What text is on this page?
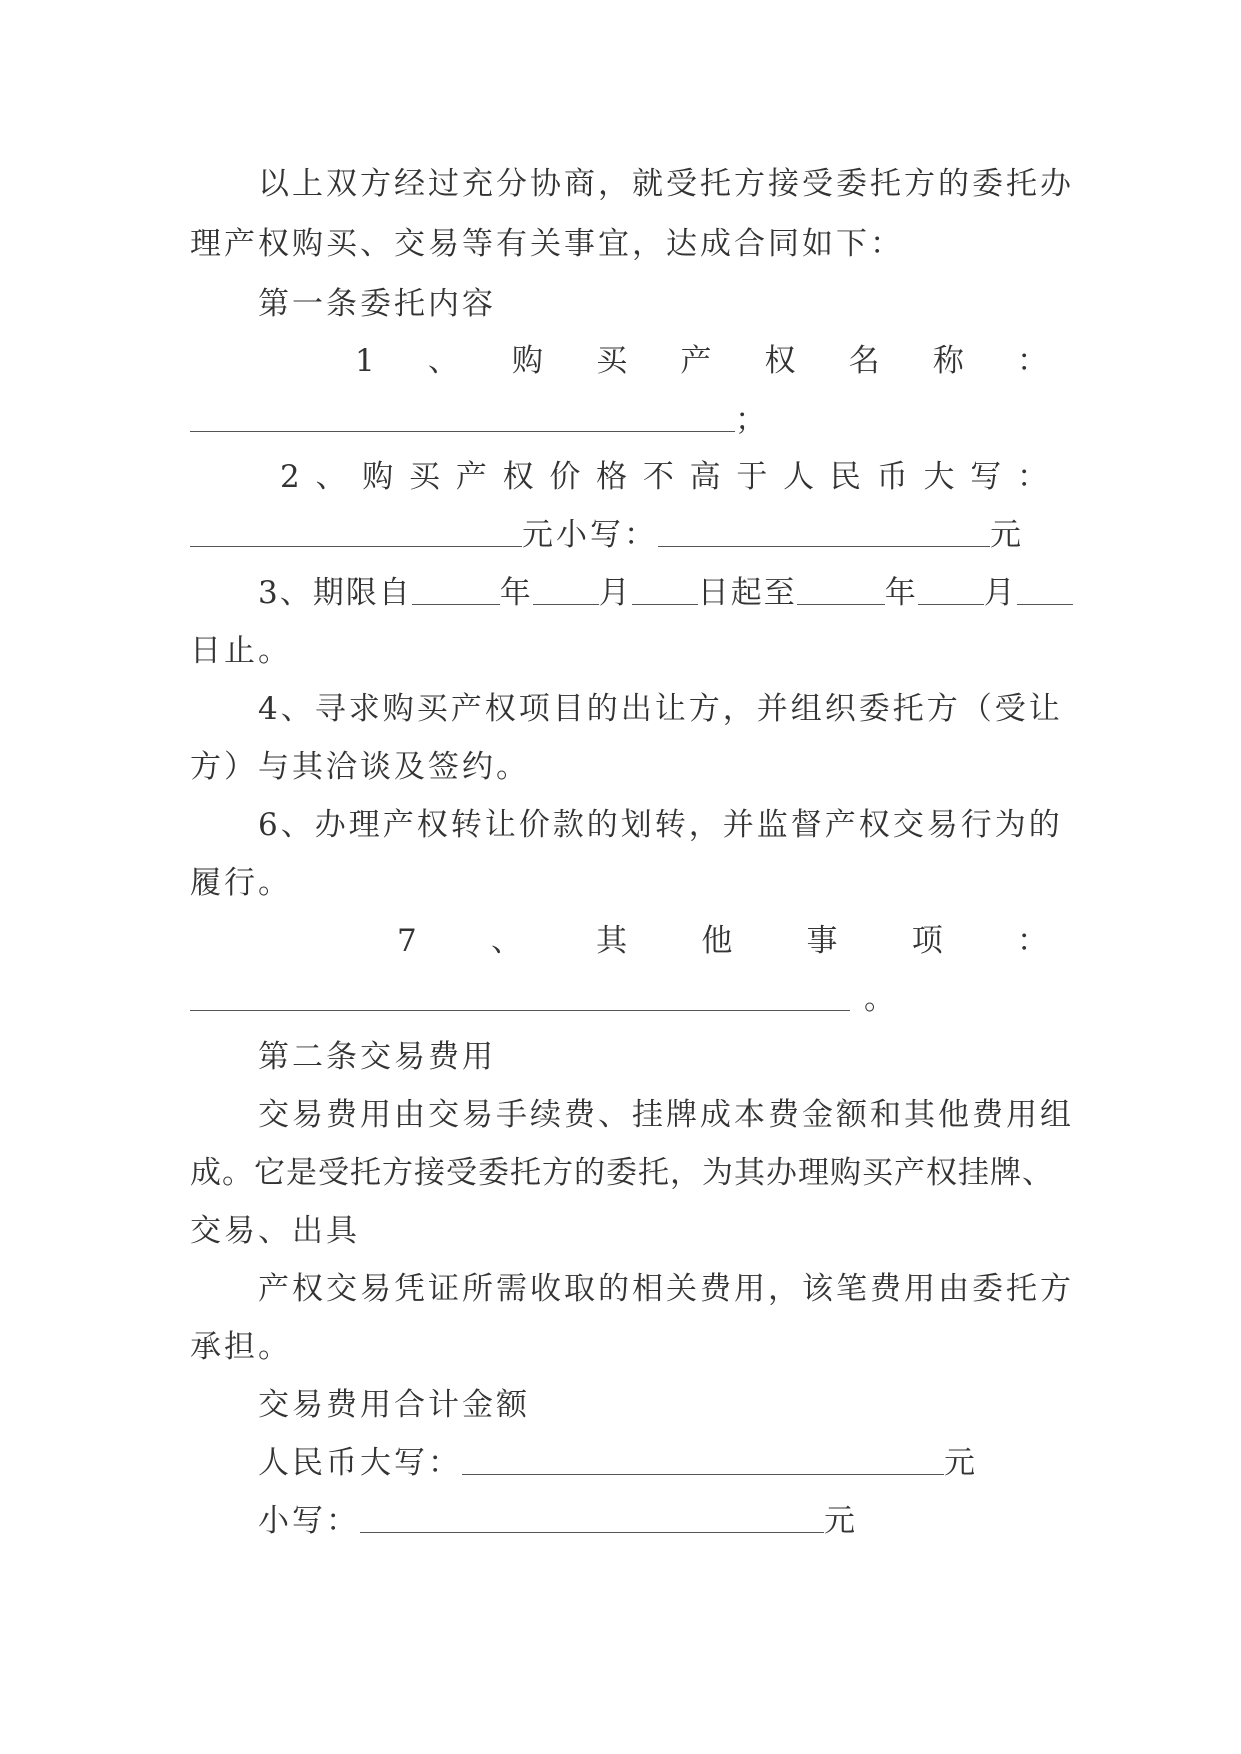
以上双方经过充分协商，就受托方接受委托方的委托办
理产权购买、交易等有关事宜，达成合同如下：
第一条委托内容
1 、 购 买 产 权 名 称 ：
；
2 、 购 买 产 权 价 格 不 高 于 人 民 币 大 写 ：
元小写：	元
3、期限自	年 月 日起至	年 月
日止。
4、寻求购买产权项目的出让方，并组织委托方（受让
方）与其洽谈及签约。
6、办理产权转让价款的划转，并监督产权交易行为的
履行。
7 、 其 他 事 项 ：
。
第二条交易费用
交易费用由交易手续费、挂牌成本费金额和其他费用组
成。它是受托方接受委托方的委托，为其办理购买产权挂牌、
交易、出具
产权交易凭证所需收取的相关费用，该笔费用由委托方
承担。
交易费用合计金额
人民币大写：	元
小写：	元
